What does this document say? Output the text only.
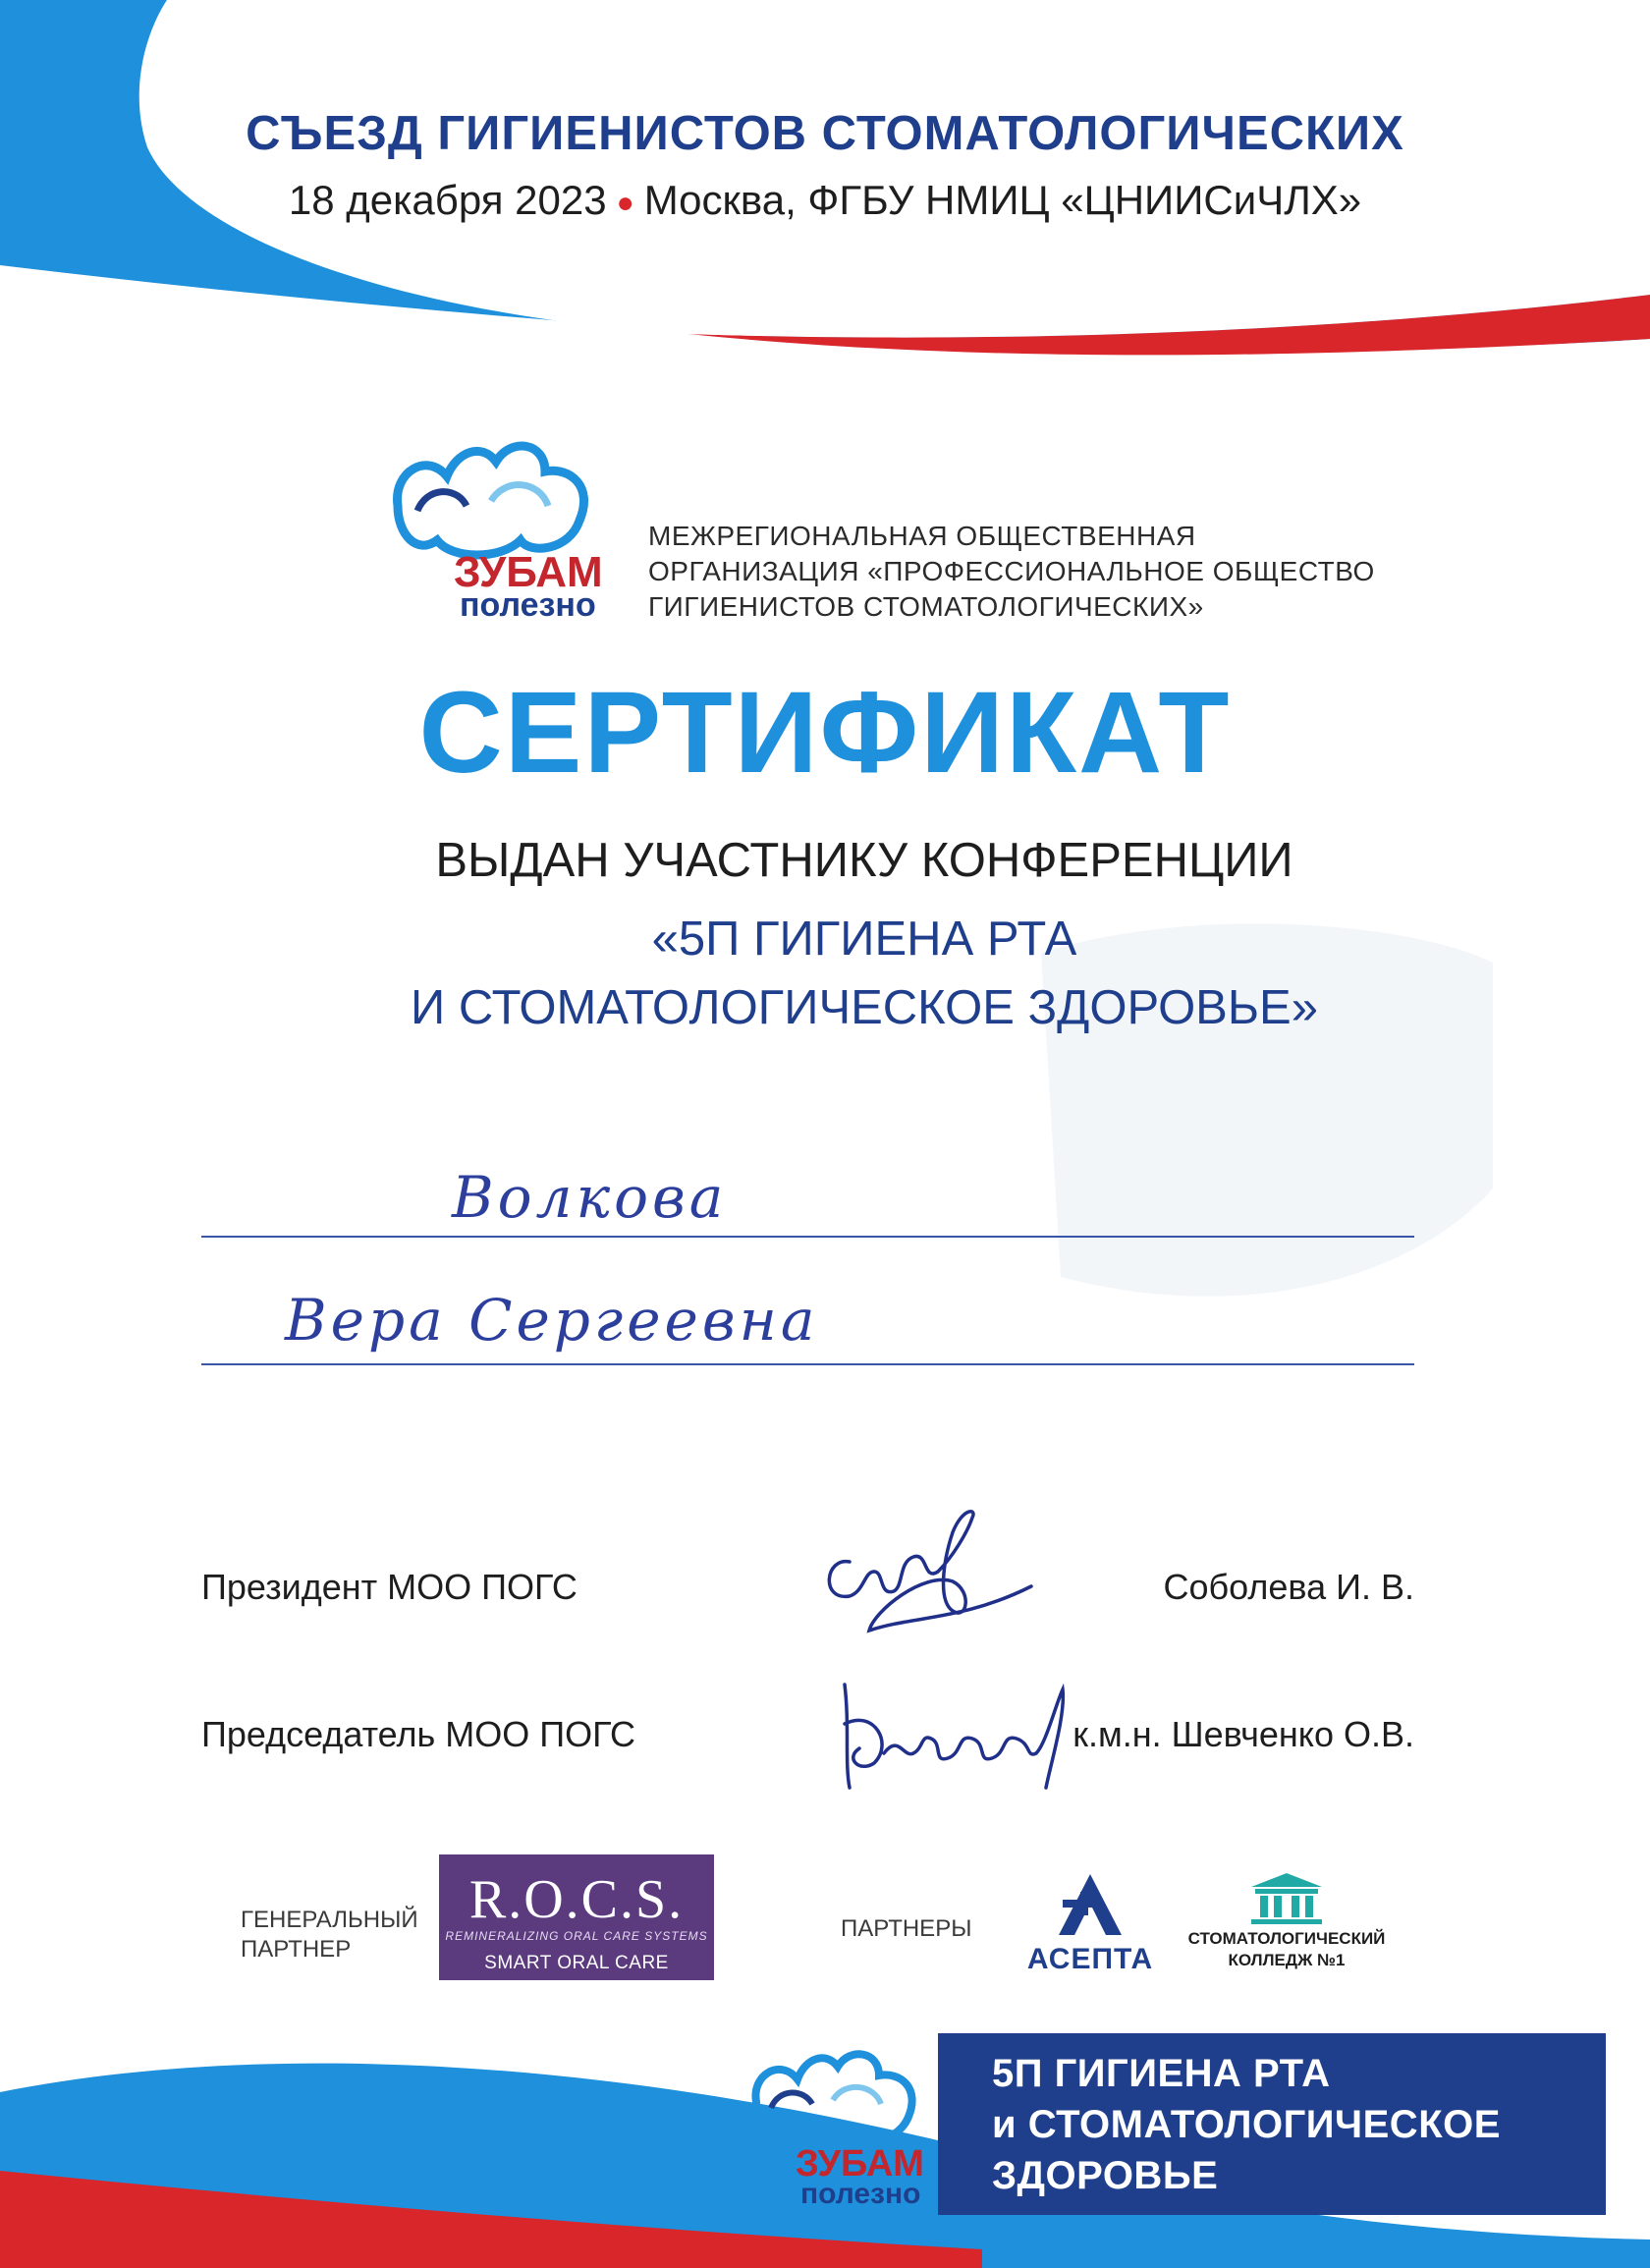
СЪЕЗД ГИГИЕНИСТОВ СТОМАТОЛОГИЧЕСКИХ
18 декабря 2023 ● Москва, ФГБУ НМИЦ «ЦНИИСиЧЛХ»
ЗУБАМ
полезно
МЕЖРЕГИОНАЛЬНАЯ ОБЩЕСТВЕННАЯ
ОРГАНИЗАЦИЯ «ПРОФЕССИОНАЛЬНОЕ ОБЩЕСТВО
ГИГИЕНИСТОВ СТОМАТОЛОГИЧЕСКИХ»
СЕРТИФИКАТ
ВЫДАН УЧАСТНИКУ КОНФЕРЕНЦИИ
«5П ГИГИЕНА РТА
И СТОМАТОЛОГИЧЕСКОЕ ЗДОРОВЬЕ»
Волкова
Вера Сергеевна
Президент МОО ПОГС	Соболева И. В.
Председатель МОО ПОГС	к.м.н. Шевченко О.В.
ГЕНЕРАЛЬНЫЙ
ПАРТНЕР
R.O.C.S.
REMINERALIZING ORAL CARE SYSTEMS
SMART ORAL CARE
ПАРТНЕРЫ
АСЕПТА
СТОМАТОЛОГИЧЕСКИЙ
КОЛЛЕДЖ №1
5П ГИГИЕНА РТА
и СТОМАТОЛОГИЧЕСКОЕ
ЗДОРОВЬЕ
ЗУБАМ
полезно
